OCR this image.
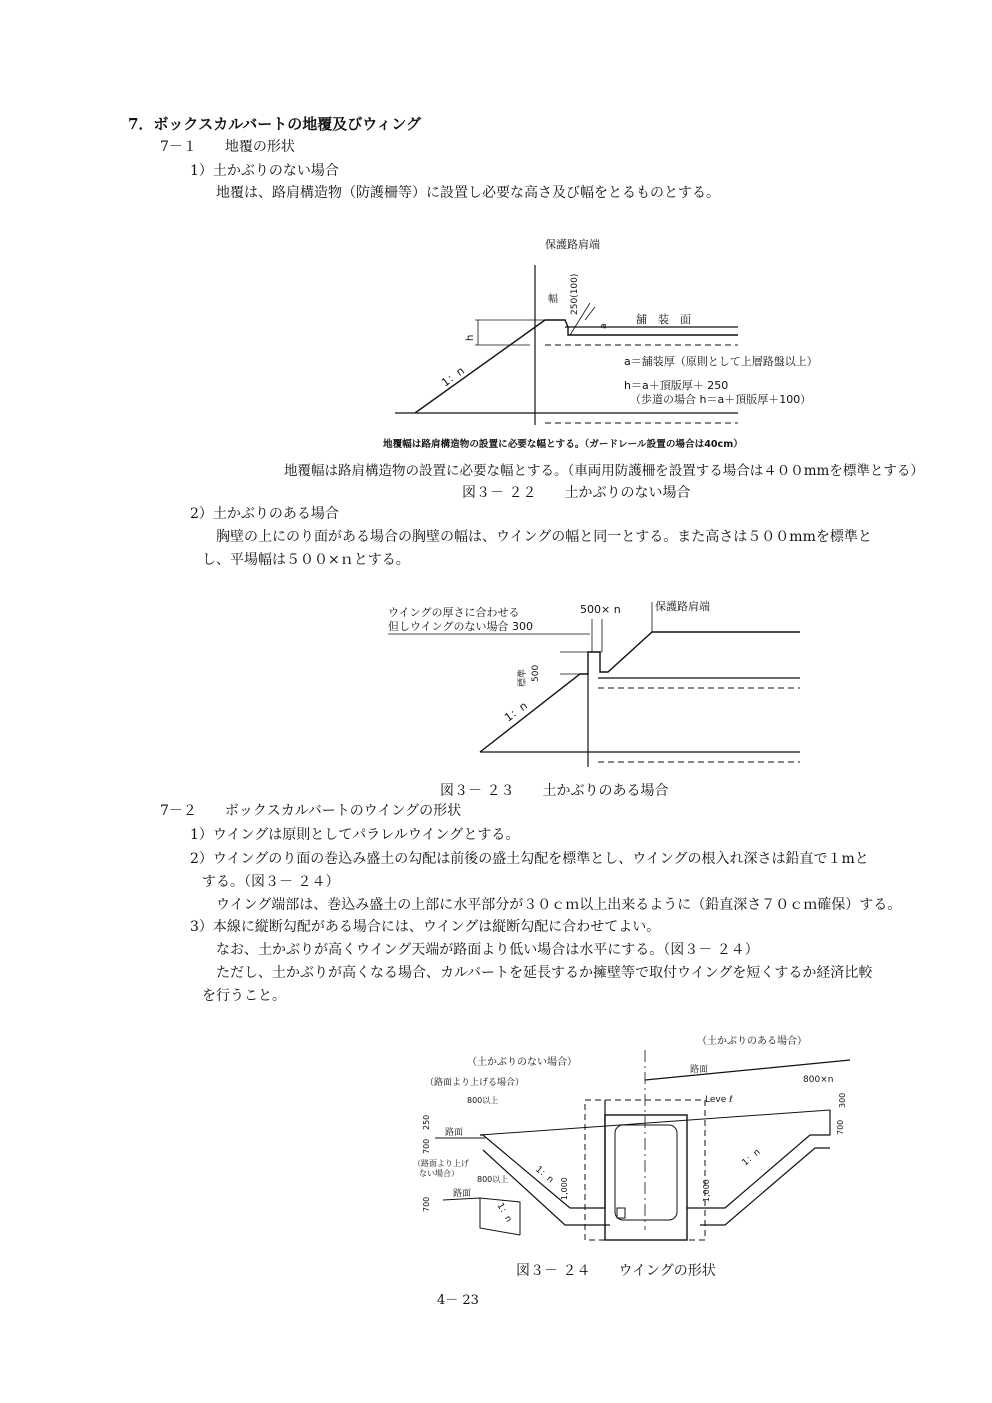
7．ボックスカルバートの地覆及びウィング
7－１　　地覆の形状
1）土かぶりのない場合
地覆は、路肩構造物（防護柵等）に設置し必要な高さ及び幅をとるものとする。
保護路肩端
幅 250(100)
a
舗　装　面
h
1：n
a＝舗装厚（原則として上層路盤以上）
h＝a＋頂版厚＋ 250
（歩道の場合 h＝a＋頂版厚＋100）
地覆幅は路肩構造物の設置に必要な幅とする。（ガードレール設置の場合は40cm）
地覆幅は路肩構造物の設置に必要な幅とする。（車両用防護柵を設置する場合は４００mmを標準とする）
図３－ ２２　　土かぶりのない場合
2）土かぶりのある場合
胸壁の上にのり面がある場合の胸壁の幅は、ウイングの幅と同一とする。また高さは５００mmを標準と
し、平場幅は５００×ｎとする。
ウイングの厚さに合わせる
但しウイングのない場合 300
500× n	保護路肩端
標準 500
1：n
図３－ ２３　　土かぶりのある場合
7－２　　ボックスカルバートのウイングの形状
1）ウイングは原則としてパラレルウイングとする。
2）ウイングのり面の巻込み盛土の勾配は前後の盛土勾配を標準とし、ウイングの根入れ深さは鉛直で１mと
する。（図３－ ２４）
ウイング端部は、巻込み盛土の上部に水平部分が３０ｃｍ以上出来るように（鉛直深さ７０ｃｍ確保）する。
3）本線に縦断勾配がある場合には、ウイングは縦断勾配に合わせてよい。
なお、土かぶりが高くウイング天端が路面より低い場合は水平にする。（図３－ ２４）
ただし、土かぶりが高くなる場合、カルバートを延長するか擁壁等で取付ウイングを短くするか経済比較
を行うこと。
（土かぶりのある場合）
（土かぶりのない場合）
（路面より上げる場合）
路面
800×n
300
Leve ℓ
800以上
250
700
路面
（路面より上げ
ない場合）
800以上
路面
700
1：n
1,000
700
1：n
1,000
1：n
図３－ ２４　　ウイングの形状
4－ 23
